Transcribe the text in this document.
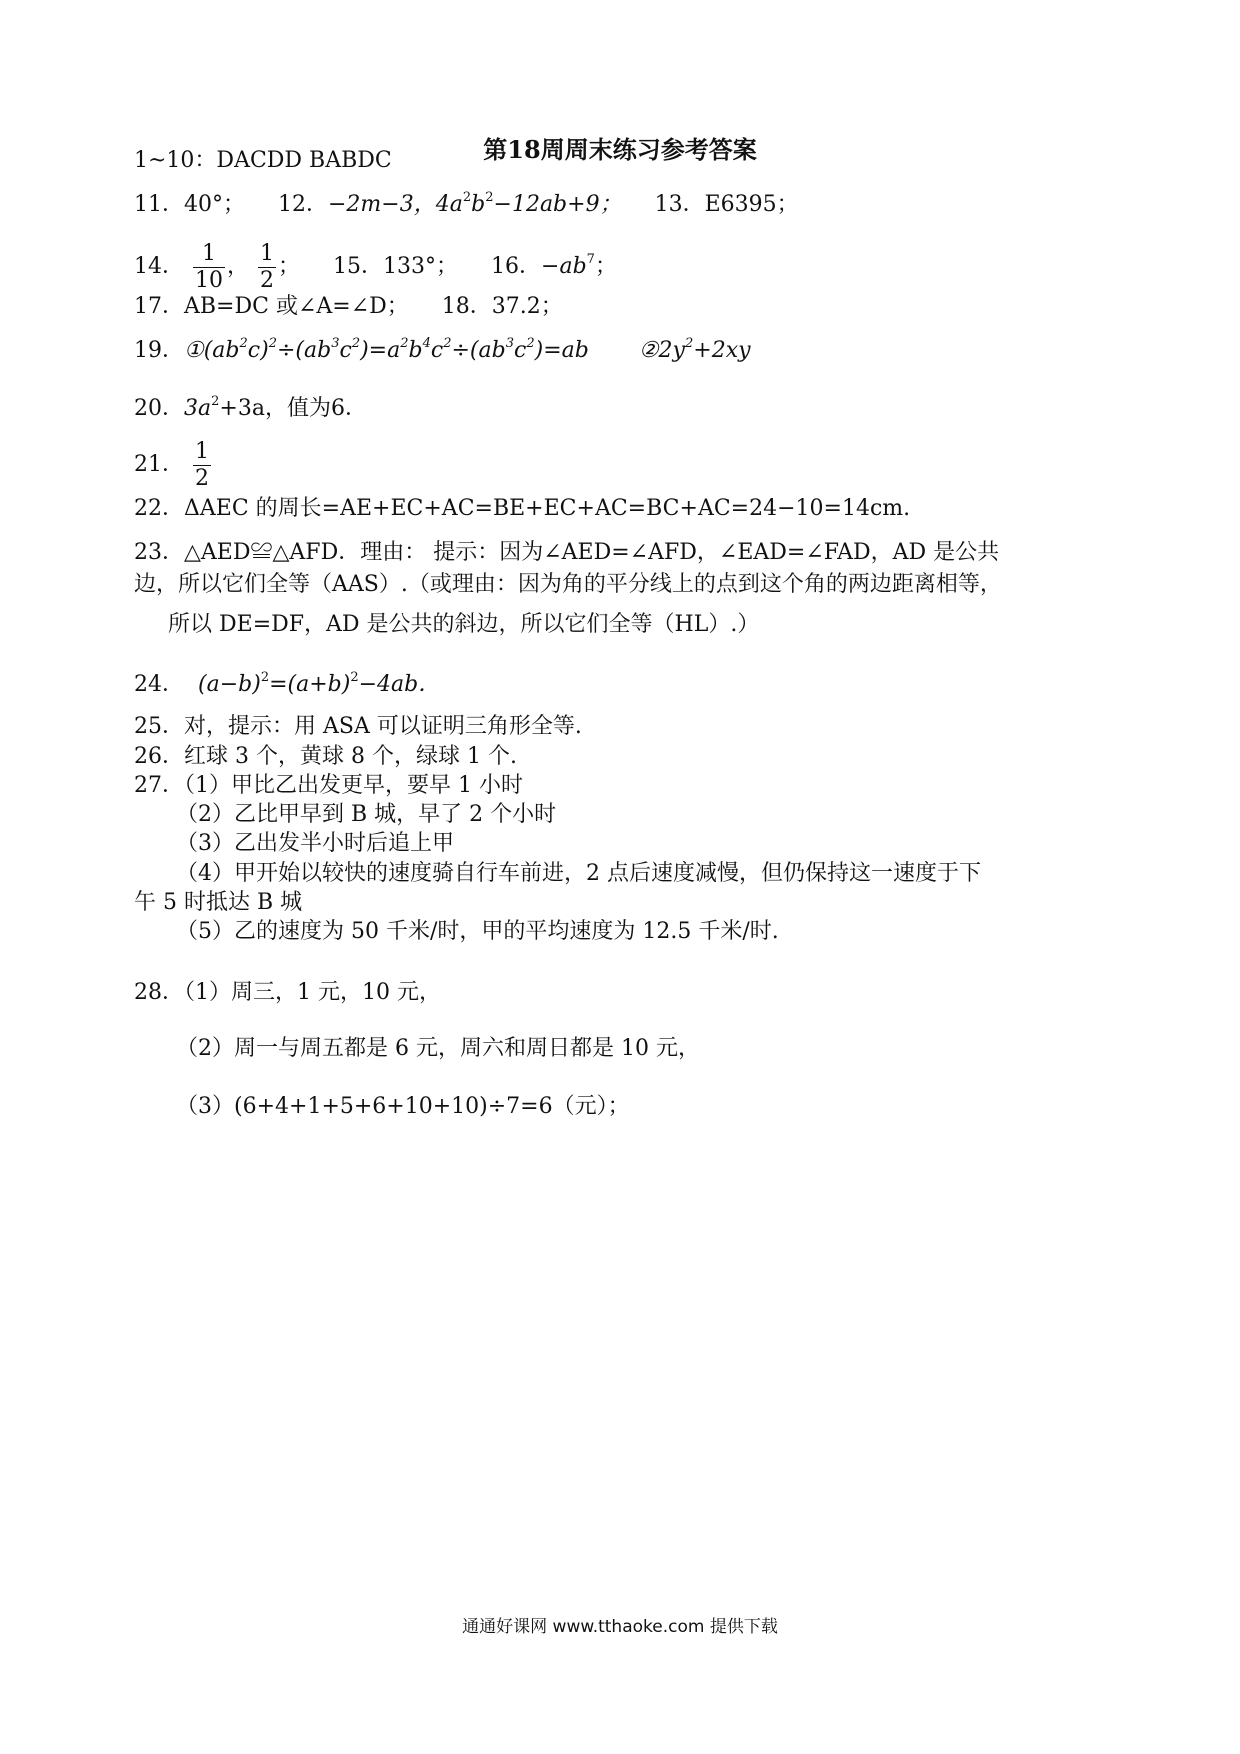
第18周周末练习参考答案
1~10：DACDD BABDC
11．40°； 12．−2m−3，$4a^2b^2-12ab+9$； 13．E6395；
14． $\frac{1}{10}$ ， $\frac{1}{2}$ ； 15．133°； 16．$-ab^7$；
17．AB=DC 或∠A=∠D； 18．37.2；
19．$①(ab^2c)^2\div(ab^3c^2)=a^2b^4c^2\div(ab^3c^2)=ab$ $②2y^2+2xy$
20．$3a^2+3a$，值为6．
21． $\frac{1}{2}$
22．ΔAEC 的周长=AE+EC+AC=BE+EC+AC=BC+AC=24−10=14cm.
23．△AED≌△AFD．理由： 提示：因为∠AED=∠AFD，∠EAD=∠FAD，AD 是公共
边，所以它们全等（AAS）.（或理由：因为角的平分线上的点到这个角的两边距离相等，
所以 DE=DF，AD 是公共的斜边，所以它们全等（HL）.）
24． $(a-b)^2=(a+b)^2-4ab$．
25．对，提示：用 ASA 可以证明三角形全等.
26．红球 3 个，黄球 8 个，绿球 1 个.
27．（1）甲比乙出发更早，要早 1 小时
（2）乙比甲早到 B 城，早了 2 个小时
（3）乙出发半小时后追上甲
（4）甲开始以较快的速度骑自行车前进，2 点后速度减慢，但仍保持这一速度于下
午 5 时抵达 B 城
（5）乙的速度为 50 千米/时，甲的平均速度为 12.5 千米/时.
28．（1）周三，1 元，10 元，
（2）周一与周五都是 6 元，周六和周日都是 10 元，
（3）(6+4+1+5+6+10+10)÷7=6（元）；
通通好课网 www.tthaoke.com 提供下载
